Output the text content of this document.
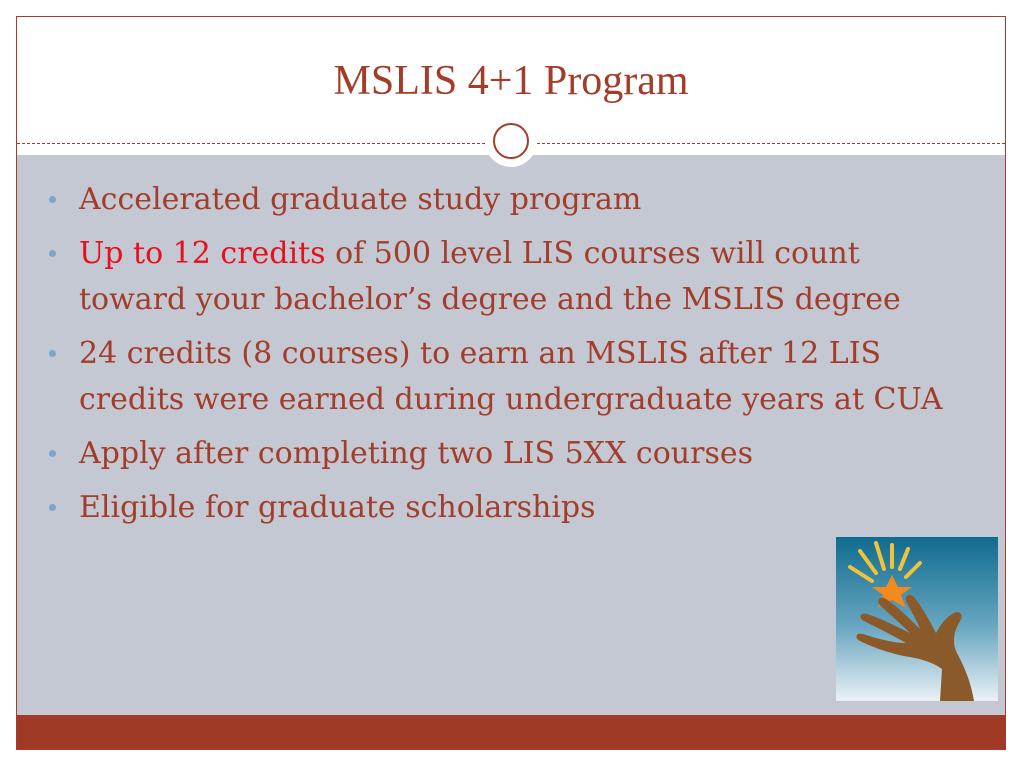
MSLIS 4+1 Program
Accelerated graduate study program
Up to 12 credits of 500 level LIS courses will count toward your bachelor’s degree and the MSLIS degree
24 credits (8 courses) to earn an MSLIS after 12 LIS credits were earned during undergraduate years at CUA
Apply after completing two LIS 5XX courses
Eligible for graduate scholarships
